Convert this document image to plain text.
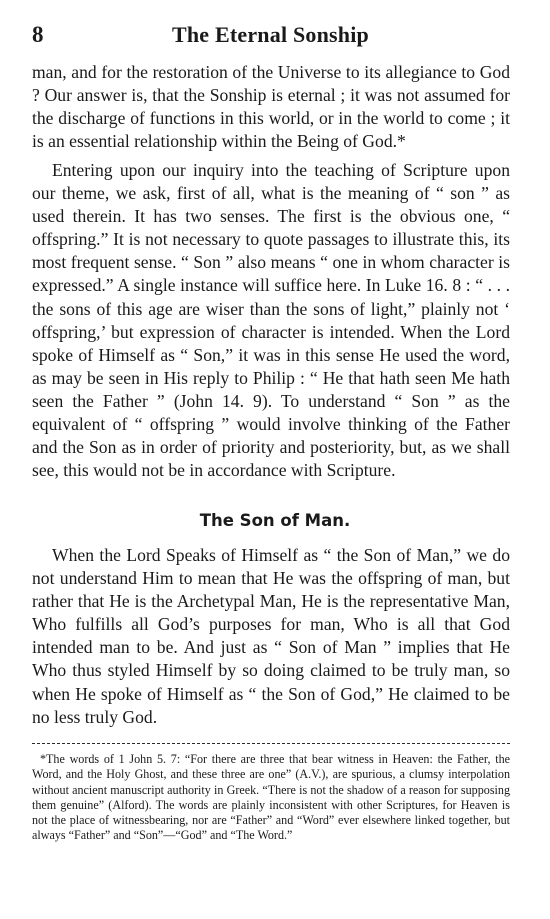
8	The Eternal Sonship

man, and for the restoration of the Universe to its allegiance to God ? Our answer is, that the Sonship is eternal ; it was not assumed for the discharge of functions in this world, or in the world to come ; it is an essential relationship within the Being of God.*

Entering upon our inquiry into the teaching of Scripture upon our theme, we ask, first of all, what is the meaning of “ son ” as used therein. It has two senses. The first is the obvious one, “ offspring.” It is not necessary to quote passages to illustrate this, its most frequent sense. “ Son ” also means “ one in whom character is expressed.” A single instance will suffice here. In Luke 16. 8 : “ . . . the sons of this age are wiser than the sons of light,” plainly not ‘ offspring,’ but expression of character is intended. When the Lord spoke of Himself as “ Son,” it was in this sense He used the word, as may be seen in His reply to Philip : “ He that hath seen Me hath seen the Father ” (John 14. 9). To understand “ Son ” as the equivalent of “ offspring ” would involve thinking of the Father and the Son as in order of priority and posteriority, but, as we shall see, this would not be in accordance with Scripture.

The Son of Man.

When the Lord Speaks of Himself as “ the Son of Man,” we do not understand Him to mean that He was the offspring of man, but rather that He is the Archetypal Man, He is the representative Man, Who fulfills all God’s purposes for man, Who is all that God intended man to be. And just as “ Son of Man ” implies that He Who thus styled Himself by so doing claimed to be truly man, so when He spoke of Himself as “ the Son of God,” He claimed to be no less truly God.

*The words of 1 John 5. 7: “For there are three that bear witness in Heaven: the Father, the Word, and the Holy Ghost, and these three are one” (A.V.), are spurious, a clumsy interpolation without ancient manuscript authority in Greek. “There is not the shadow of a reason for supposing them genuine” (Alford). The words are plainly inconsistent with other Scriptures, for Heaven is not the place of witnessbearing, nor are “Father” and “Word” ever elsewhere linked together, but always “Father” and “Son”—“God” and “The Word.”
